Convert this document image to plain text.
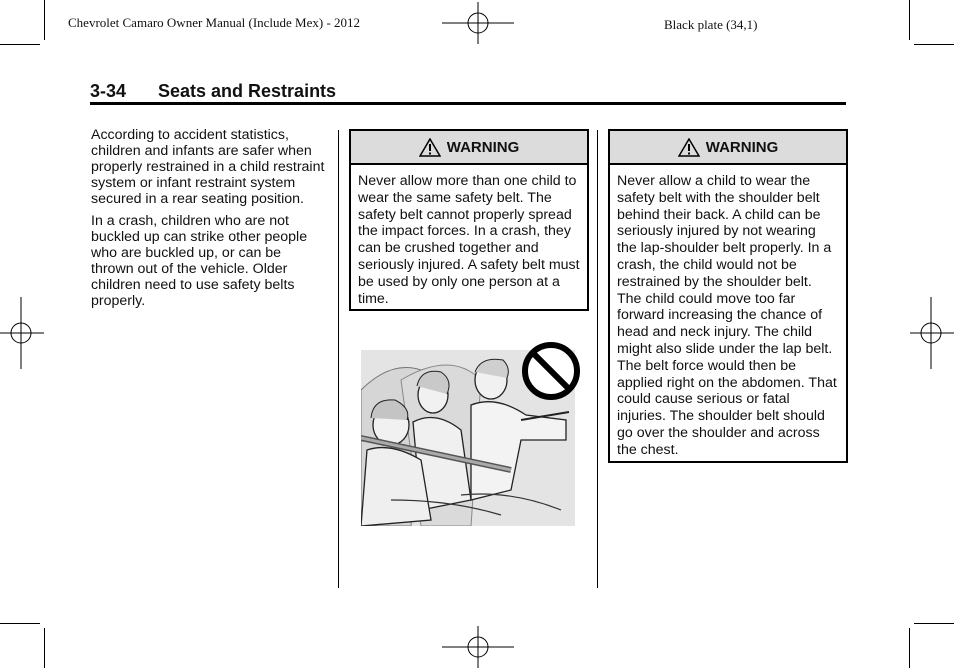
Chevrolet Camaro Owner Manual (Include Mex) - 2012	Black plate (34,1)
3-34 Seats and Restraints

According to accident statistics, children and infants are safer when properly restrained in a child restraint system or infant restraint system secured in a rear seating position.

In a crash, children who are not buckled up can strike other people who are buckled up, or can be thrown out of the vehicle. Older children need to use safety belts properly.

WARNING
Never allow more than one child to wear the same safety belt. The safety belt cannot properly spread the impact forces. In a crash, they can be crushed together and seriously injured. A safety belt must be used by only one person at a time.
WARNING
Never allow a child to wear the safety belt with the shoulder belt behind their back. A child can be seriously injured by not wearing the lap-shoulder belt properly. In a crash, the child would not be restrained by the shoulder belt. The child could move too far forward increasing the chance of head and neck injury. The child might also slide under the lap belt. The belt force would then be applied right on the abdomen. That could cause serious or fatal injuries. The shoulder belt should go over the shoulder and across the chest.
